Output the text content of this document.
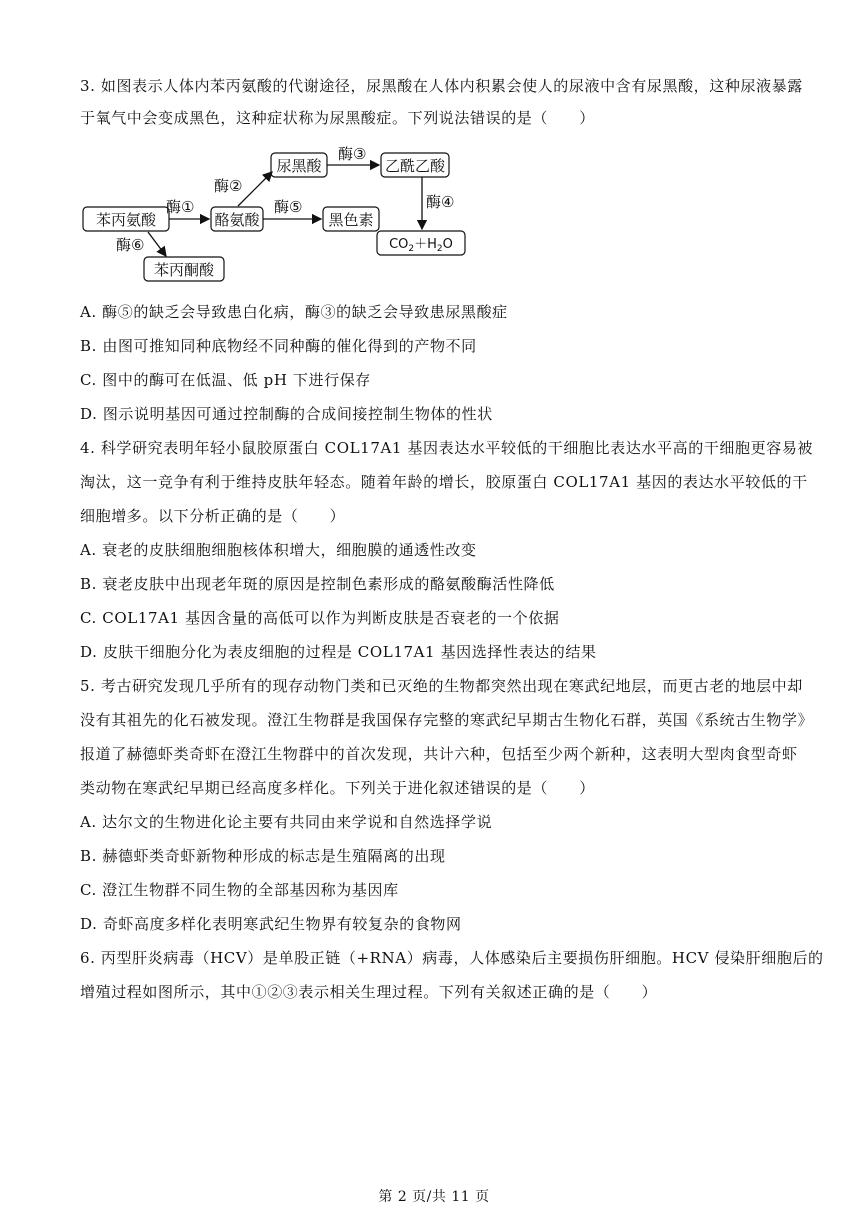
3. 如图表示人体内苯丙氨酸的代谢途径，尿黑酸在人体内积累会使人的尿液中含有尿黑酸，这种尿液暴露
于氧气中会变成黑色，这种症状称为尿黑酸症。下列说法错误的是（　　）
苯丙氨酸	酪氨酸
尿黑酸	乙酰乙酸
黑色素
苯丙酮酸
$CO_2+H_2O$
酶①
酶②
酶③
酶④
酶⑤
酶⑥
A. 酶⑤的缺乏会导致患白化病，酶③的缺乏会导致患尿黑酸症
B. 由图可推知同种底物经不同种酶的催化得到的产物不同
C. 图中的酶可在低温、低 pH 下进行保存
D. 图示说明基因可通过控制酶的合成间接控制生物体的性状
4. 科学研究表明年轻小鼠胶原蛋白 COL17A1 基因表达水平较低的干细胞比表达水平高的干细胞更容易被
淘汰，这一竞争有利于维持皮肤年轻态。随着年龄的增长，胶原蛋白 COL17A1 基因的表达水平较低的干
细胞增多。以下分析正确的是（　　）
A. 衰老的皮肤细胞细胞核体积增大，细胞膜的通透性改变
B. 衰老皮肤中出现老年斑的原因是控制色素形成的酪氨酸酶活性降低
C. COL17A1 基因含量的高低可以作为判断皮肤是否衰老的一个依据
D. 皮肤干细胞分化为表皮细胞的过程是 COL17A1 基因选择性表达的结果
5. 考古研究发现几乎所有的现存动物门类和已灭绝的生物都突然出现在寒武纪地层，而更古老的地层中却
没有其祖先的化石被发现。澄江生物群是我国保存完整的寒武纪早期古生物化石群，英国《系统古生物学》
报道了赫德虾类奇虾在澄江生物群中的首次发现，共计六种，包括至少两个新种，这表明大型肉食型奇虾
类动物在寒武纪早期已经高度多样化。下列关于进化叙述错误的是（　　）
A. 达尔文的生物进化论主要有共同由来学说和自然选择学说
B. 赫德虾类奇虾新物种形成的标志是生殖隔离的出现
C. 澄江生物群不同生物的全部基因称为基因库
D. 奇虾高度多样化表明寒武纪生物界有较复杂的食物网
6. 丙型肝炎病毒（HCV）是单股正链（+RNA）病毒，人体感染后主要损伤肝细胞。HCV 侵染肝细胞后的
增殖过程如图所示，其中①②③表示相关生理过程。下列有关叙述正确的是（　　）
第 2 页/共 11 页
